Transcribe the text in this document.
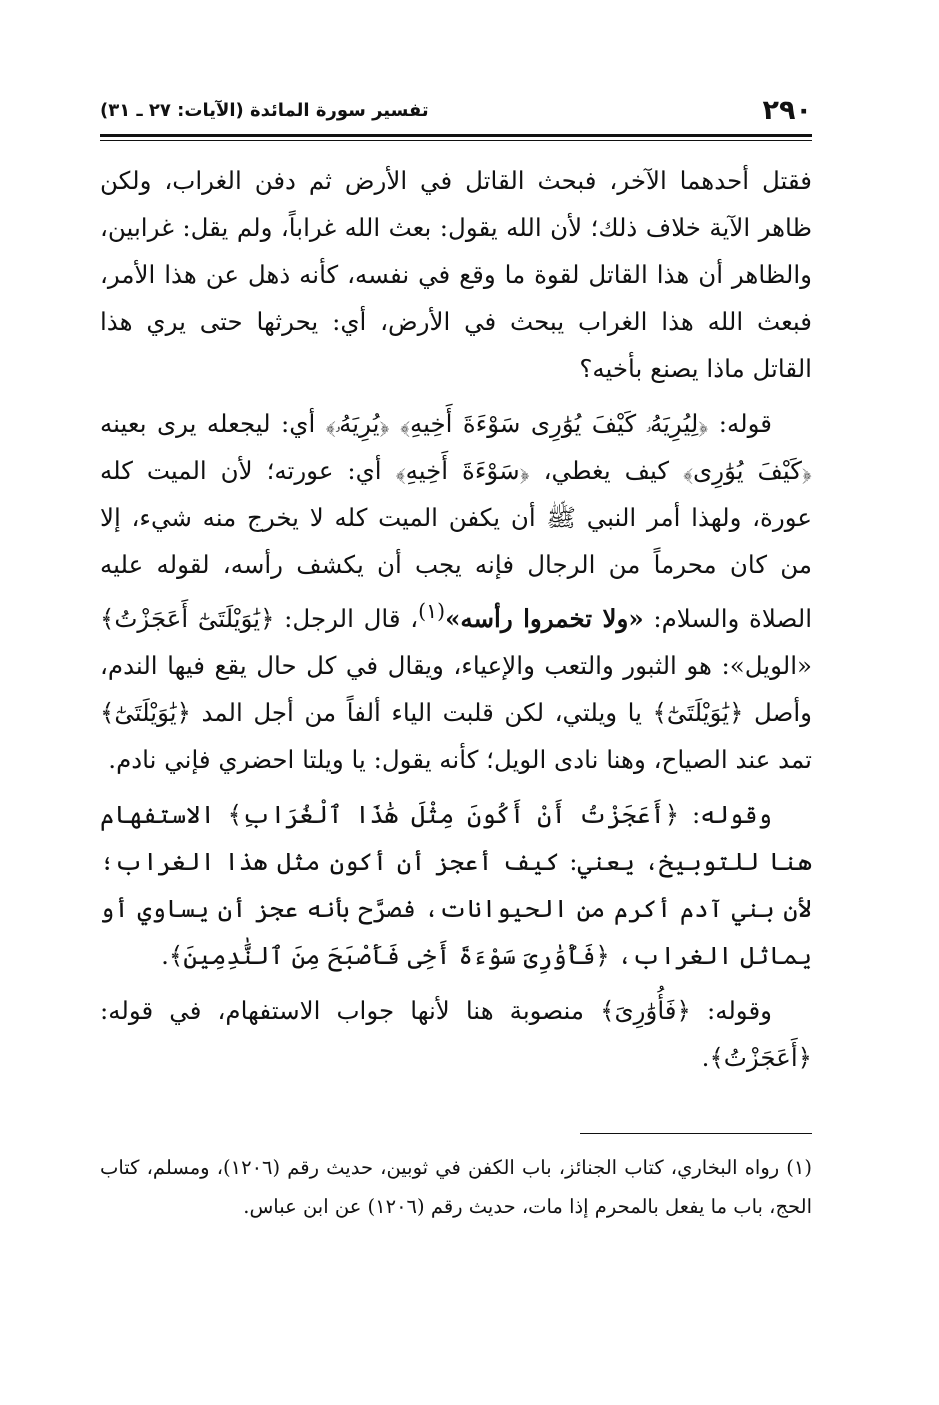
٢٩٠
تفسير سورة المائدة (الآيات: ٢٧ ـ ٣١)

فقتل أحدهما الآخر، فبحث القاتل في الأرض ثم دفن الغراب، ولكن ظاهر الآية خلاف ذلك؛ لأن الله يقول: بعث الله غراباً، ولم يقل: غرابين، والظاهر أن هذا القاتل لقوة ما وقع في نفسه، كأنه ذهل عن هذا الأمر، فبعث الله هذا الغراب يبحث في الأرض، أي: يحرثها حتى يري هذا القاتل ماذا يصنع بأخيه؟

قوله: ﴿لِيُرِيَهُۥ كَيْفَ يُوَٰرِى سَوْءَةَ أَخِيهِ﴾ ﴿يُرِيَهُۥ﴾ أي: ليجعله يرى بعينه ﴿كَيْفَ يُوَٰرِى﴾ كيف يغطي، ﴿سَوْءَةَ أَخِيهِ﴾ أي: عورته؛ لأن الميت كله عورة، ولهذا أمر النبي ﷺ أن يكفن الميت كله لا يخرج منه شيء، إلا من كان محرماً من الرجال فإنه يجب أن يكشف رأسه، لقوله عليه الصلاة والسلام: «ولا تخمروا رأسه»$^{(١)}$، قال الرجل: ﴿يَٰوَيْلَتَىٰٓ أَعَجَزْتُ﴾ «الويل»: هو الثبور والتعب والإعياء، ويقال في كل حال يقع فيها الندم، وأصل ﴿يَٰوَيْلَتَىٰٓ﴾ يا ويلتي، لكن قلبت الياء ألفاً من أجل المد ﴿يَٰوَيْلَتَىٰٓ﴾ تمد عند الصياح، وهنا نادى الويل؛ كأنه يقول: يا ويلتا احضري فإني نادم.

وقوله: ﴿أَعَجَزْتُ أَنْ أَكُونَ مِثْلَ هَٰذَا ٱلْغُرَابِ﴾ الاستفهام هنا للتوبيخ، يعني: كيف أعجز أن أكون مثل هذا الغراب؛ لأن بني آدم أكرم من الحيوانات، فصرَّح بأنه عجز أن يساوي أو يماثل الغراب، ﴿فَأُوَٰرِىَ سَوْءَةَ أَخِى فَأَصْبَحَ مِنَ ٱلنَّٰدِمِينَ﴾.

وقوله: ﴿فَأُوَٰرِىَ﴾ منصوبة هنا لأنها جواب الاستفهام، في قوله: ﴿أَعَجَزْتُ﴾.

(١) رواه البخاري، كتاب الجنائز، باب الكفن في ثوبين، حديث رقم (١٢٠٦)، ومسلم، كتاب الحج، باب ما يفعل بالمحرم إذا مات، حديث رقم (١٢٠٦) عن ابن عباس.
